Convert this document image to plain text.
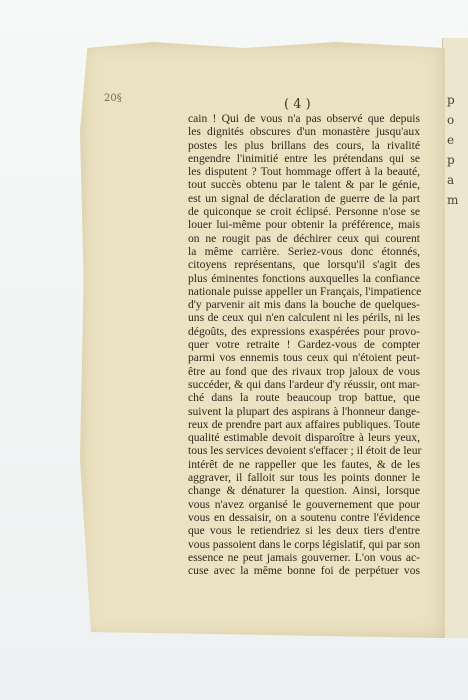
p
o
e
p
a
m
20§	( 4 )
cain ! Qui de vous n'a pas observé que depuis
les dignités obscures d'un monastère jusqu'aux
postes les plus brillans des cours, la rivalité
engendre l'inimitié entre les prétendans qui se
les disputent ? Tout hommage offert à la beauté,
tout succès obtenu par le talent & par le génie,
est un signal de déclaration de guerre de la part
de quiconque se croit éclipsé. Personne n'ose se
louer lui-même pour obtenir la préférence, mais
on ne rougit pas de déchirer ceux qui courent
la même carrière. Seriez-vous donc étonnés,
citoyens représentans, que lorsqu'il s'agit des
plus éminentes fonctions auxquelles la confiance
nationale puisse appeller un Français, l'impatience
d'y parvenir ait mis dans la bouche de quelques-
uns de ceux qui n'en calculent ni les périls, ni les
dégoûts, des expressions exaspérées pour provo-
quer votre retraite ! Gardez-vous de compter
parmi vos ennemis tous ceux qui n'étoient peut-
être au fond que des rivaux trop jaloux de vous
succéder, & qui dans l'ardeur d'y réussir, ont mar-
ché dans la route beaucoup trop battue, que
suivent la plupart des aspirans à l'honneur dange-
reux de prendre part aux affaires publiques. Toute
qualité estimable devoit disparoître à leurs yeux,
tous les services devoient s'effacer ; il étoit de leur
intérêt de ne rappeller que les fautes, & de les
aggraver, il falloit sur tous les points donner le
change & dénaturer la question. Ainsi, lorsque
vous n'avez organisé le gouvernement que pour
vous en dessaisir, on a soutenu contre l'évidence
que vous le retiendriez si les deux tiers d'entre
vous passoient dans le corps législatif, qui par son
essence ne peut jamais gouverner. L'on vous ac-
cuse avec la même bonne foi de perpétuer vos
